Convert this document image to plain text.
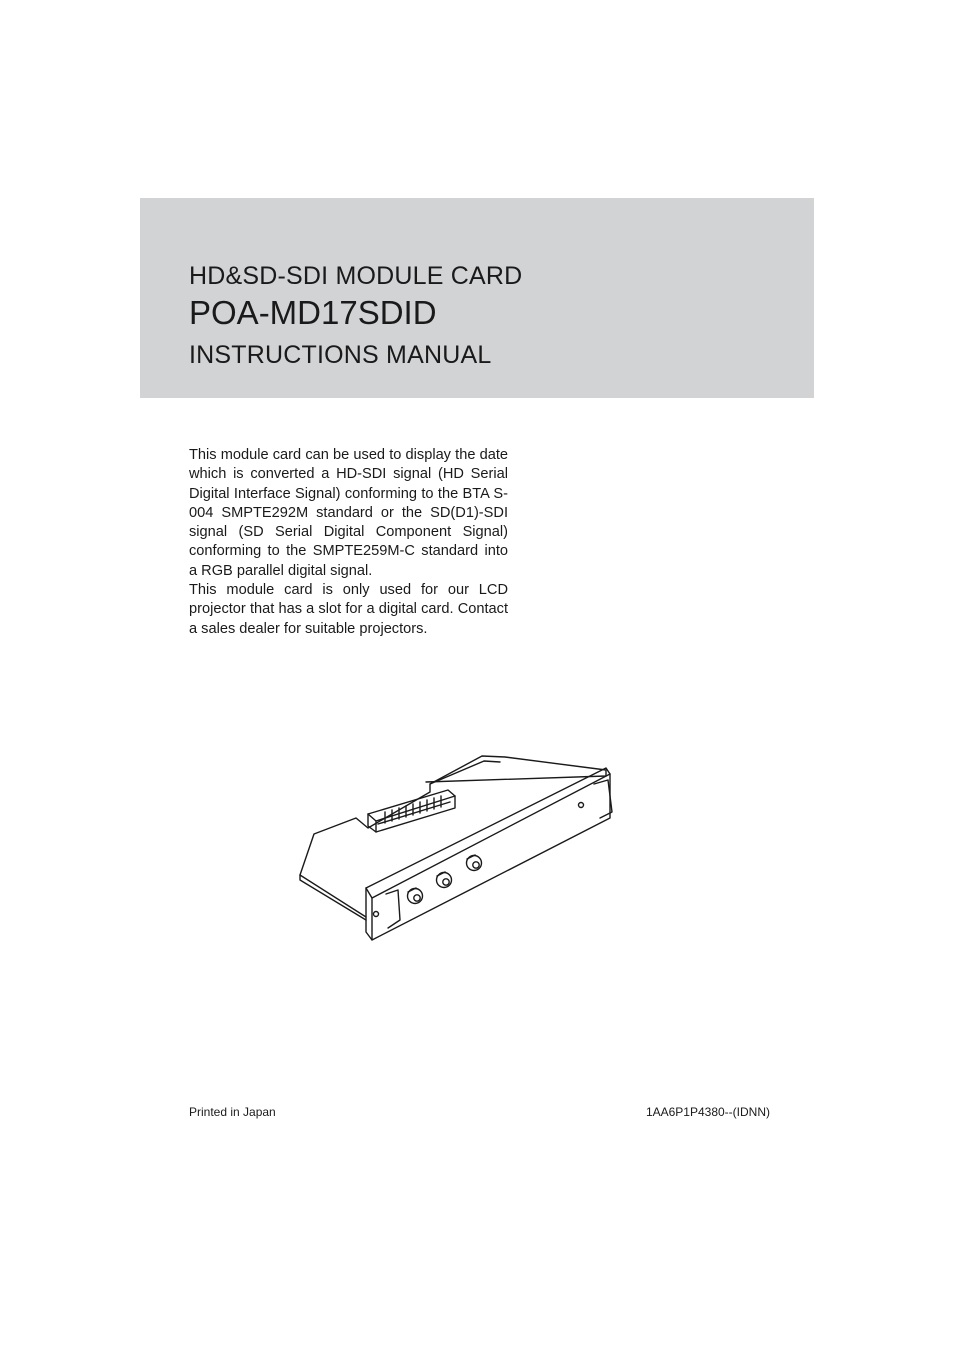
HD&SD-SDI MODULE CARD
POA-MD17SDID
INSTRUCTIONS MANUAL

This module card can be used to display the date which is converted a HD-SDI signal (HD Serial Digital Interface Signal) conforming to the BTA S-004 SMPTE292M standard or the SD(D1)-SDI signal (SD Serial Digital Component Signal) conforming to the SMPTE259M-C standard into a RGB parallel digital signal.

This module card is only used for our LCD projector that has a slot for a digital card. Contact a sales dealer for suitable projectors.

Printed in Japan	1AA6P1P4380--(IDNN)
